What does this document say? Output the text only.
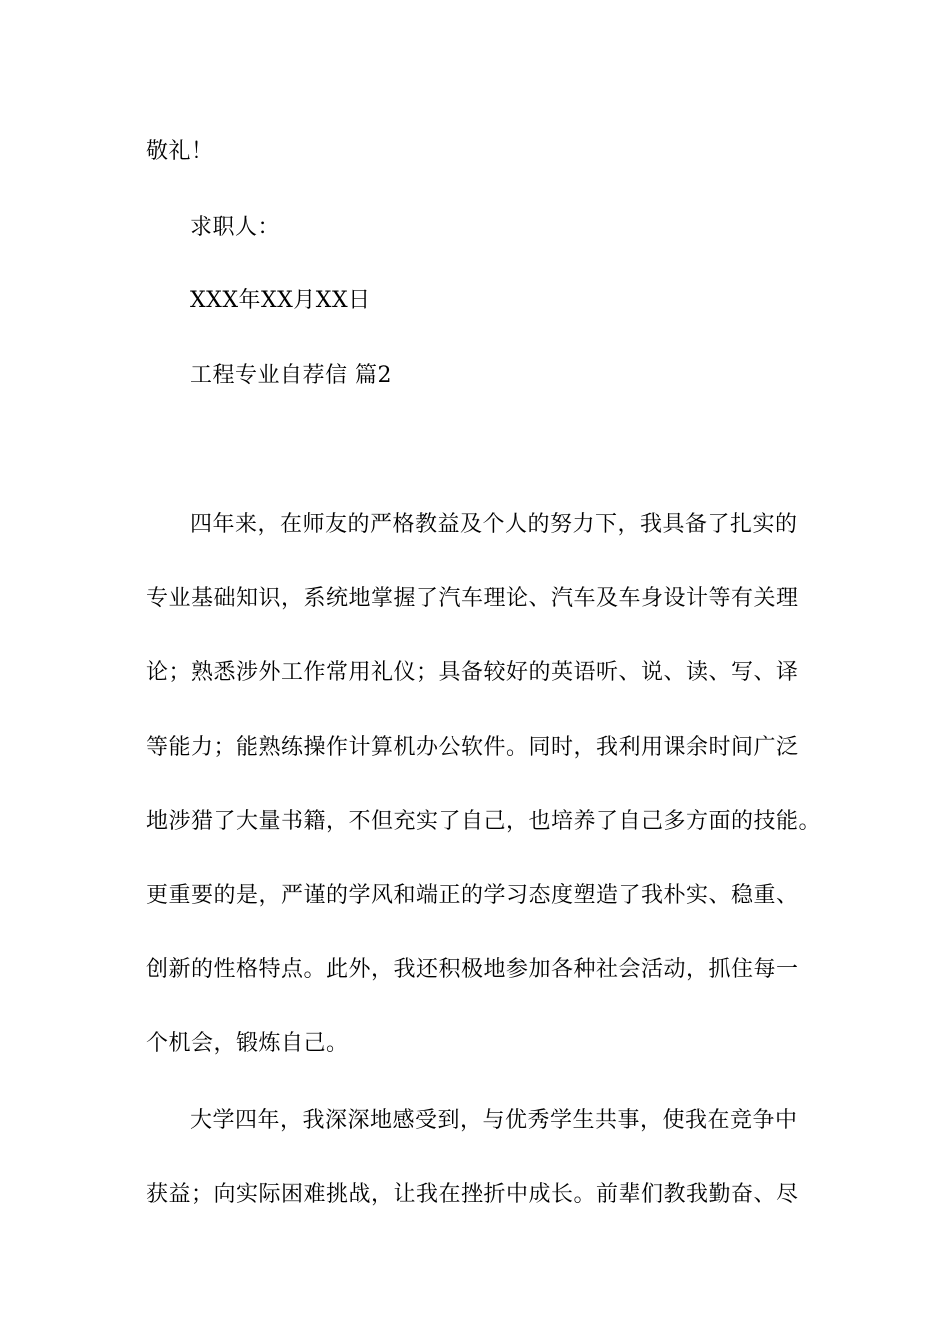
敬礼！
求职人：
XXX年XX月XX日
工程专业自荐信 篇2
四年来，在师友的严格教益及个人的努力下，我具备了扎实的
专业基础知识，系统地掌握了汽车理论、汽车及车身设计等有关理
论；熟悉涉外工作常用礼仪；具备较好的英语听、说、读、写、译
等能力；能熟练操作计算机办公软件。同时，我利用课余时间广泛
地涉猎了大量书籍，不但充实了自己，也培养了自己多方面的技能。
更重要的是，严谨的学风和端正的学习态度塑造了我朴实、稳重、
创新的性格特点。此外，我还积极地参加各种社会活动，抓住每一
个机会，锻炼自己。
大学四年，我深深地感受到，与优秀学生共事，使我在竞争中
获益；向实际困难挑战，让我在挫折中成长。前辈们教我勤奋、尽
